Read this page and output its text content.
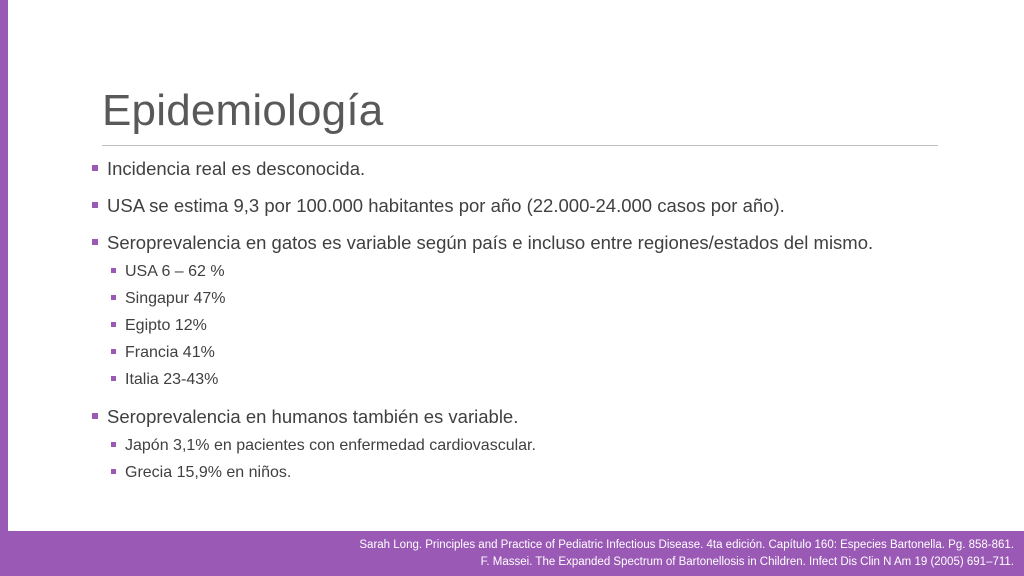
Epidemiología
Incidencia real es desconocida.
USA se estima 9,3 por 100.000 habitantes por año (22.000-24.000 casos por año).
Seroprevalencia en gatos es variable según país e incluso entre regiones/estados del mismo.
USA 6 – 62 %
Singapur 47%
Egipto 12%
Francia 41%
Italia 23-43%
Seroprevalencia en humanos también es variable.
Japón 3,1% en pacientes con enfermedad cardiovascular.
Grecia 15,9% en niños.
Sarah Long. Principles and Practice of Pediatric Infectious Disease. 4ta edición. Capítulo 160: Especies Bartonella. Pg. 858-861.
F. Massei. The Expanded Spectrum of Bartonellosis in Children. Infect Dis Clin N Am 19 (2005) 691–711.
